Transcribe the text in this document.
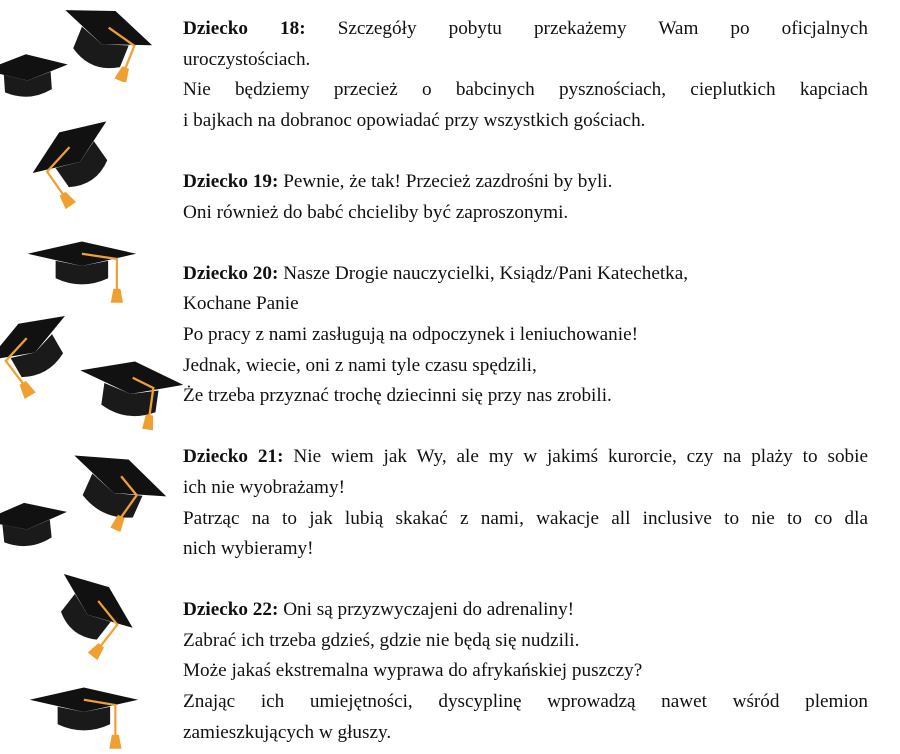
Dziecko 18: Szczegóły pobytu przekażemy Wam po oficjalnych
uroczystościach.
Nie będziemy przecież o babcinych pysznościach, cieplutkich kapciach
i bajkach na dobranoc opowiadać przy wszystkich gościach.
Dziecko 19: Pewnie, że tak! Przecież zazdrośni by byli.
Oni również do babć chcieliby być zaproszonymi.
Dziecko 20: Nasze Drogie nauczycielki, Ksiądz/Pani Katechetka,
Kochane Panie
Po pracy z nami zasługują na odpoczynek i leniuchowanie!
Jednak, wiecie, oni z nami tyle czasu spędzili,
Że trzeba przyznać trochę dziecinni się przy nas zrobili.
Dziecko 21: Nie wiem jak Wy, ale my w jakimś kurorcie, czy na plaży to sobie
ich nie wyobrażamy!
Patrząc na to jak lubią skakać z nami, wakacje all inclusive to nie to co dla
nich wybieramy!
Dziecko 22: Oni są przyzwyczajeni do adrenaliny!
Zabrać ich trzeba gdzieś, gdzie nie będą się nudzili.
Może jakaś ekstremalna wyprawa do afrykańskiej puszczy?
Znając ich umiejętności, dyscyplinę wprowadzą nawet wśród plemion
zamieszkujących w głuszy.
